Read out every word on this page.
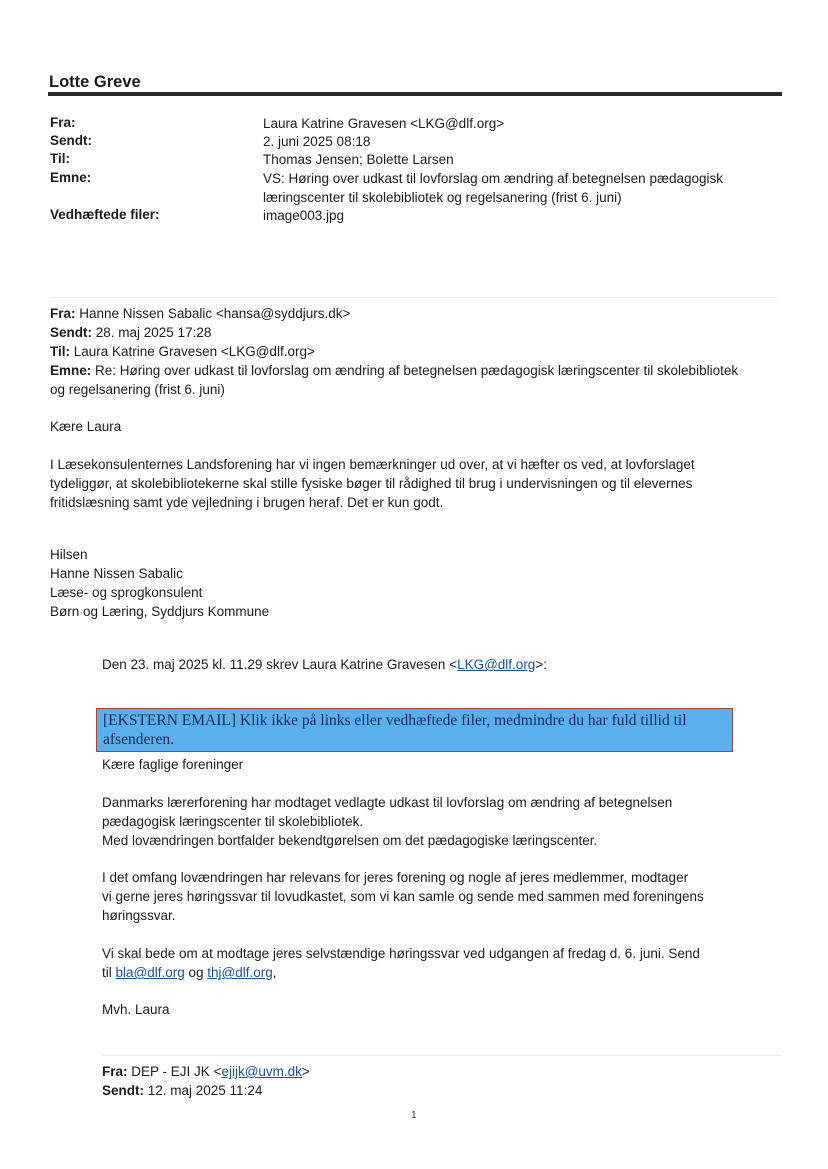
Lotte Greve
Fra:	Laura Katrine Gravesen <LKG@dlf.org>
Sendt:	2. juni 2025 08:18
Til:	Thomas Jensen; Bolette Larsen
Emne:	VS: Høring over udkast til lovforslag om ændring af betegnelsen pædagogisk
læringscenter til skolebibliotek og regelsanering (frist 6. juni)
Vedhæftede filer:	image003.jpg
Fra: Hanne Nissen Sabalic <hansa@syddjurs.dk>
Sendt: 28. maj 2025 17:28
Til: Laura Katrine Gravesen <LKG@dlf.org>
Emne: Re: Høring over udkast til lovforslag om ændring af betegnelsen pædagogisk læringscenter til skolebibliotek
og regelsanering (frist 6. juni)
Kære Laura
I Læsekonsulenternes Landsforening har vi ingen bemærkninger ud over, at vi hæfter os ved, at lovforslaget
tydeliggør, at skolebibliotekerne skal stille fysiske bøger til rådighed til brug i undervisningen og til elevernes
fritidslæsning samt yde vejledning i brugen heraf. Det er kun godt.
Hilsen
Hanne Nissen Sabalic
Læse- og sprogkonsulent
Børn og Læring, Syddjurs Kommune
Den 23. maj 2025 kl. 11.29 skrev Laura Katrine Gravesen <LKG@dlf.org>:
[EKSTERN EMAIL] Klik ikke på links eller vedhæftede filer, medmindre du har fuld tillid til afsenderen.
Kære faglige foreninger
Danmarks lærerforening har modtaget vedlagte udkast til lovforslag om ændring af betegnelsen
pædagogisk læringscenter til skolebibliotek.
Med lovændringen bortfalder bekendtgørelsen om det pædagogiske læringscenter.
I det omfang lovændringen har relevans for jeres forening og nogle af jeres medlemmer, modtager
vi gerne jeres høringssvar til lovudkastet, som vi kan samle og sende med sammen med foreningens
høringssvar.
Vi skal bede om at modtage jeres selvstændige høringssvar ved udgangen af fredag d. 6. juni. Send
til bla@dlf.org og thj@dlf.org,
Mvh. Laura
Fra: DEP - EJI JK <ejijk@uvm.dk>
Sendt: 12. maj 2025 11:24
1
